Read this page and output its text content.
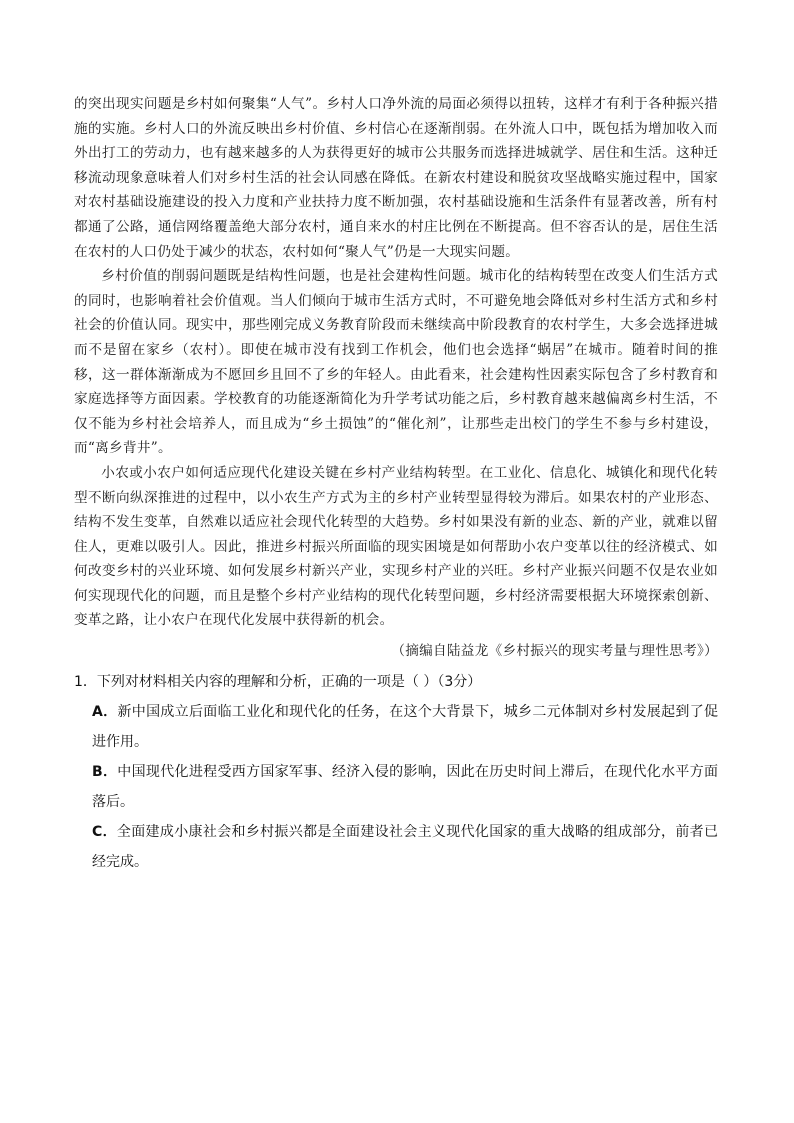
的突出现实问题是乡村如何聚集“人气”。乡村人口净外流的局面必须得以扭转，这样才有利于各种振兴措施的实施。乡村人口的外流反映出乡村价值、乡村信心在逐渐削弱。在外流人口中，既包括为增加收入而外出打工的劳动力，也有越来越多的人为获得更好的城市公共服务而选择进城就学、居住和生活。这种迁移流动现象意味着人们对乡村生活的社会认同感在降低。在新农村建设和脱贫攻坚战略实施过程中，国家对农村基础设施建设的投入力度和产业扶持力度不断加强，农村基础设施和生活条件有显著改善，所有村都通了公路，通信网络覆盖绝大部分农村，通自来水的村庄比例在不断提高。但不容否认的是，居住生活在农村的人口仍处于减少的状态，农村如何“聚人气”仍是一大现实问题。

乡村价值的削弱问题既是结构性问题，也是社会建构性问题。城市化的结构转型在改变人们生活方式的同时，也影响着社会价值观。当人们倾向于城市生活方式时，不可避免地会降低对乡村生活方式和乡村社会的价值认同。现实中，那些刚完成义务教育阶段而未继续高中阶段教育的农村学生，大多会选择进城而不是留在家乡（农村）。即使在城市没有找到工作机会，他们也会选择“蜗居”在城市。随着时间的推移，这一群体渐渐成为不愿回乡且回不了乡的年轻人。由此看来，社会建构性因素实际包含了乡村教育和家庭选择等方面因素。学校教育的功能逐渐简化为升学考试功能之后，乡村教育越来越偏离乡村生活，不仅不能为乡村社会培养人，而且成为“乡土损蚀”的“催化剂”，让那些走出校门的学生不参与乡村建设，而“离乡背井”。

小农或小农户如何适应现代化建设关键在乡村产业结构转型。在工业化、信息化、城镇化和现代化转型不断向纵深推进的过程中，以小农生产方式为主的乡村产业转型显得较为滞后。如果农村的产业形态、结构不发生变革，自然难以适应社会现代化转型的大趋势。乡村如果没有新的业态、新的产业，就难以留住人，更难以吸引人。因此，推进乡村振兴所面临的现实困境是如何帮助小农户变革以往的经济模式、如何改变乡村的兴业环境、如何发展乡村新兴产业，实现乡村产业的兴旺。乡村产业振兴问题不仅是农业如何实现现代化的问题，而且是整个乡村产业结构的现代化转型问题，乡村经济需要根据大环境探索创新、变革之路，让小农户在现代化发展中获得新的机会。

（摘编自陆益龙《乡村振兴的现实考量与理性思考》）

1．下列对材料相关内容的理解和分析，正确的一项是（ ）（3分）

A．新中国成立后面临工业化和现代化的任务，在这个大背景下，城乡二元体制对乡村发展起到了促进作用。

B．中国现代化进程受西方国家军事、经济入侵的影响，因此在历史时间上滞后，在现代化水平方面落后。

C．全面建成小康社会和乡村振兴都是全面建设社会主义现代化国家的重大战略的组成部分，前者已经完成。
